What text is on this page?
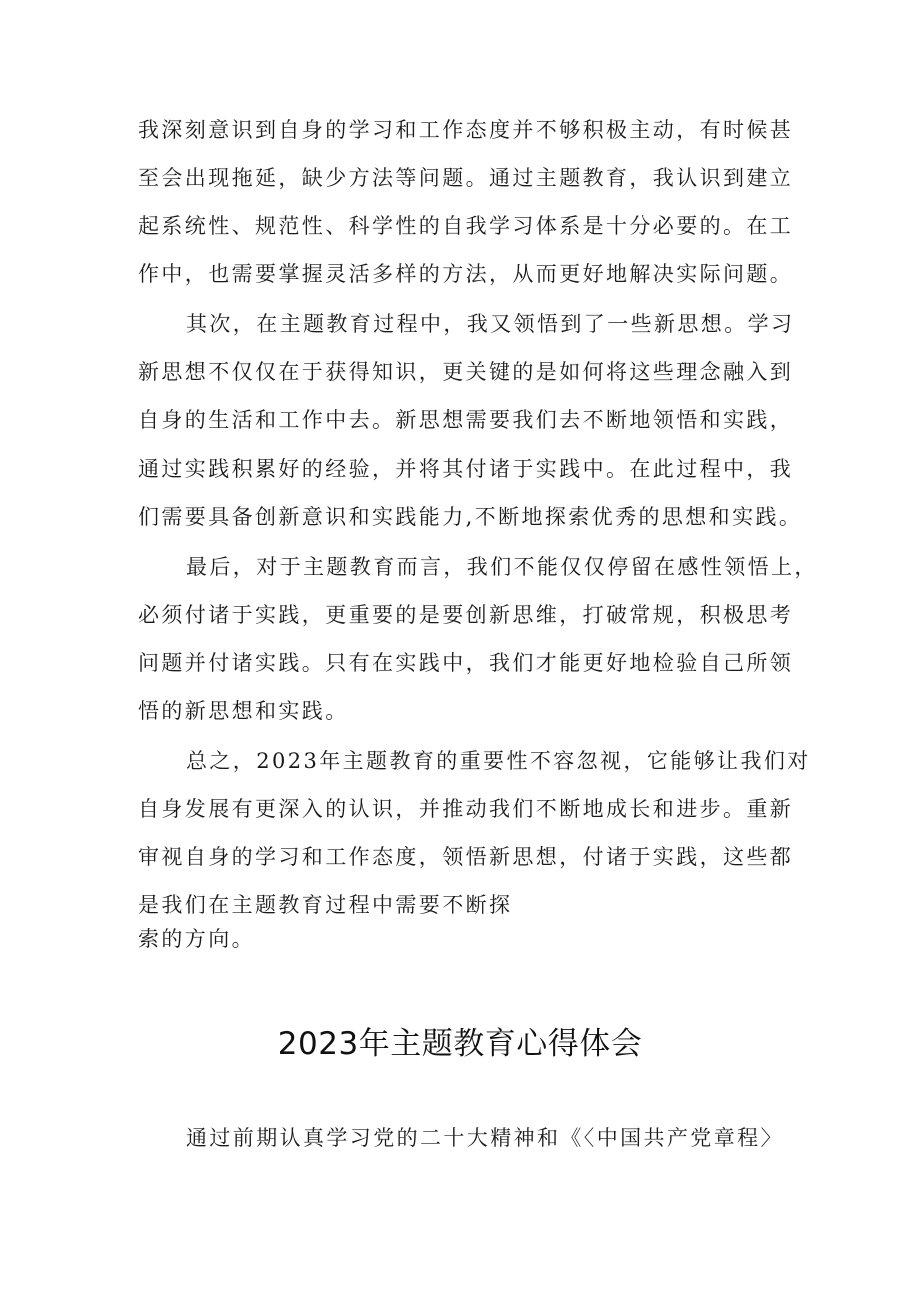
我深刻意识到自身的学习和工作态度并不够积极主动，有时候甚
至会出现拖延，缺少方法等问题。通过主题教育，我认识到建立
起系统性、规范性、科学性的自我学习体系是十分必要的。在工
作中，也需要掌握灵活多样的方法，从而更好地解决实际问题。
其次，在主题教育过程中，我又领悟到了一些新思想。学习
新思想不仅仅在于获得知识，更关键的是如何将这些理念融入到
自身的生活和工作中去。新思想需要我们去不断地领悟和实践，
通过实践积累好的经验，并将其付诸于实践中。在此过程中，我
们需要具备创新意识和实践能力,不断地探索优秀的思想和实践。
最后，对于主题教育而言，我们不能仅仅停留在感性领悟上，
必须付诸于实践，更重要的是要创新思维，打破常规，积极思考
问题并付诸实践。只有在实践中，我们才能更好地检验自己所领
悟的新思想和实践。
总之，2023年主题教育的重要性不容忽视，它能够让我们对
自身发展有更深入的认识，并推动我们不断地成长和进步。重新
审视自身的学习和工作态度，领悟新思想，付诸于实践，这些都
是我们在主题教育过程中需要不断探
索的方向。
2023年主题教育心得体会
通过前期认真学习党的二十大精神和《〈中国共产党章程〉
